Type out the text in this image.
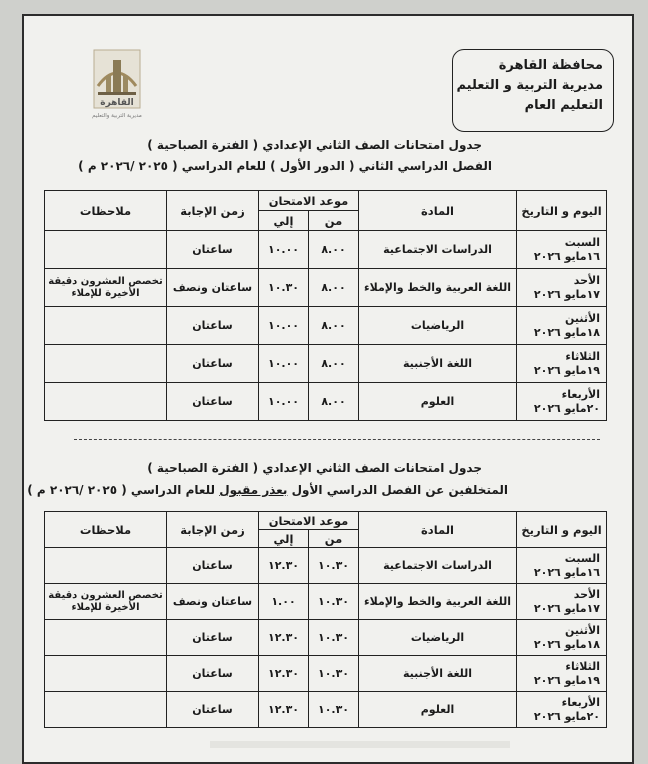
محافظة القاهرة
مديرية التربية و التعليم
التعليم العام
القاهرة
مديرية التربية والتعليم
جدول امتحانات الصف الثاني الإعدادي ( الفترة الصباحية )
الفصل الدراسي الثاني ( الدور الأول ) للعام الدراسي ( ٢٠٢٥ /٢٠٢٦ م )
اليوم و التاريخ	المادة	موعد الامتحان		زمن الإجابة	ملاحظات
		من	إلي		

السبت
١٦مايو ٢٠٢٦	الدراسات الاجتماعية	٨.٠٠	١٠.٠٠	ساعتان	

الأحد
١٧مايو ٢٠٢٦	اللغة العربية والخط والإملاء	٨.٠٠	١٠.٣٠	ساعتان ونصف	تخصص العشرون دقيقة الأخيرة للإملاء

الأثنين
١٨مايو ٢٠٢٦	الرياضيات	٨.٠٠	١٠.٠٠	ساعتان	

الثلاثاء
١٩مايو ٢٠٢٦	اللغة الأجنبية	٨.٠٠	١٠.٠٠	ساعتان	

الأربعاء
٢٠مايو ٢٠٢٦	العلوم	٨.٠٠	١٠.٠٠	ساعتان	
جدول امتحانات الصف الثاني الإعدادي ( الفترة الصباحية )
المتخلفين عن الفصل الدراسي الأول بعذر مقبول للعام الدراسي ( ٢٠٢٥ /٢٠٢٦ م )
اليوم و التاريخ	المادة	موعد الامتحان		زمن الإجابة	ملاحظات
		من	إلي		

السبت
١٦مايو ٢٠٢٦	الدراسات الاجتماعية	١٠.٣٠	١٢.٣٠	ساعتان	

الأحد
١٧مايو ٢٠٢٦	اللغة العربية والخط والإملاء	١٠.٣٠	١.٠٠	ساعتان ونصف	تخصص العشرون دقيقة الأخيرة للإملاء

الأثنين
١٨مايو ٢٠٢٦	الرياضيات	١٠.٣٠	١٢.٣٠	ساعتان	

الثلاثاء
١٩مايو ٢٠٢٦	اللغة الأجنبية	١٠.٣٠	١٢.٣٠	ساعتان	

الأربعاء
٢٠مايو ٢٠٢٦	العلوم	١٠.٣٠	١٢.٣٠	ساعتان	
